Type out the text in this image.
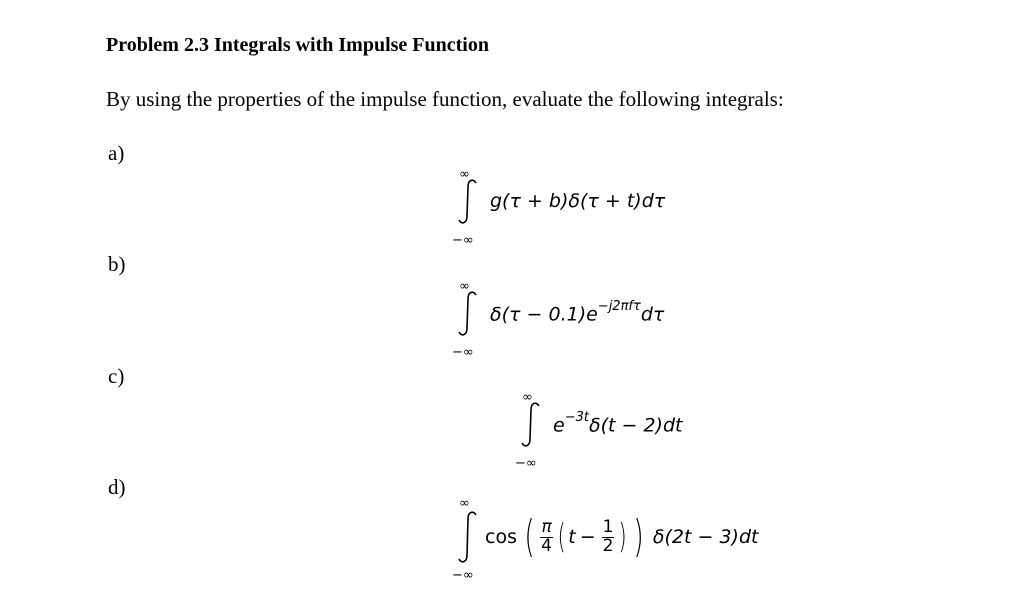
Problem 2.3 Integrals with Impulse Function
By using the properties of the impulse function, evaluate the following integrals:
a)
∞
−∞
g(τ + b)δ(τ + t)dτ
b)
∞
−∞
$\delta(\tau - 0.1)e^{-j2\pi f\tau}d\tau$
c)
∞
−∞
$e^{-3t}\delta(t - 2)dt$
d)
∞
−∞
cos ( $\frac{\pi}{4}$ ( $t - \frac{1}{2}$ ) ) δ(2t − 3)dt
